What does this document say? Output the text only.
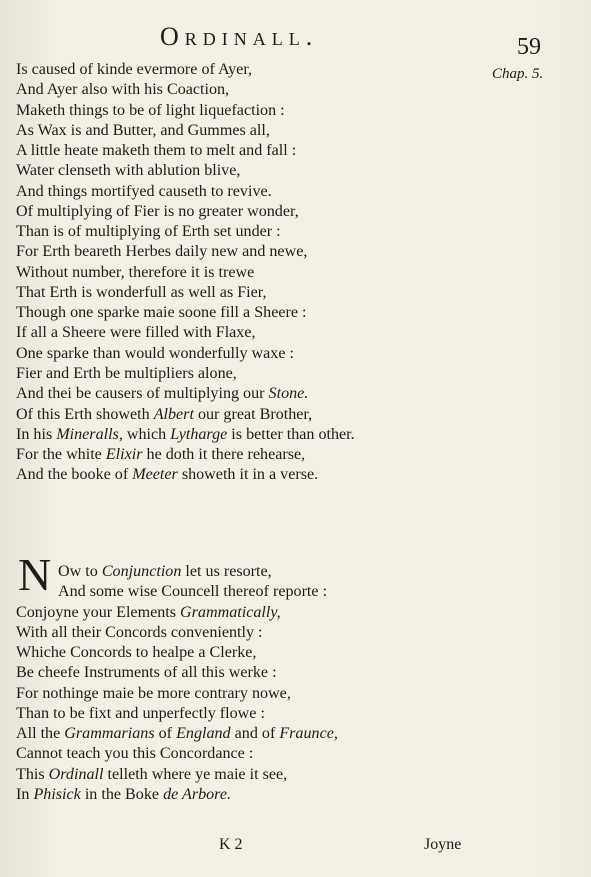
Ordinall.	59
Chap. 5.
Is caused of kinde evermore of Ayer,
And Ayer also with his Coaction,
Maketh things to be of light liquefaction :
As Wax is and Butter, and Gummes all,
A little heate maketh them to melt and fall :
Water clenseth with ablution blive,
And things mortifyed causeth to revive.
Of multiplying of Fier is no greater wonder,
Than is of multiplying of Erth set under :
For Erth beareth Herbes daily new and newe,
Without number, therefore it is trewe
That Erth is wonderfull as well as Fier,
Though one sparke maie soone fill a Sheere :
If all a Sheere were filled with Flaxe,
One sparke than would wonderfully waxe :
Fier and Erth be multipliers alone,
And thei be causers of multiplying our Stone.
Of this Erth showeth Albert our great Brother,
In his Mineralls, which Lytharge is better than other.
For the white Elixir he doth it there rehearse,
And the booke of Meeter showeth it in a verse.
N Ow to Conjunction let us resorte,
And some wise Councell thereof reporte :
Conjoyne your Elements Grammatically,
With all their Concords conveniently :
Whiche Concords to healpe a Clerke,
Be cheefe Instruments of all this werke :
For nothinge maie be more contrary nowe,
Than to be fixt and unperfectly flowe :
All the Grammarians of England and of Fraunce,
Cannot teach you this Concordance :
This Ordinall telleth where ye maie it see,
In Phisick in the Boke de Arbore.
K 2	Joyne
